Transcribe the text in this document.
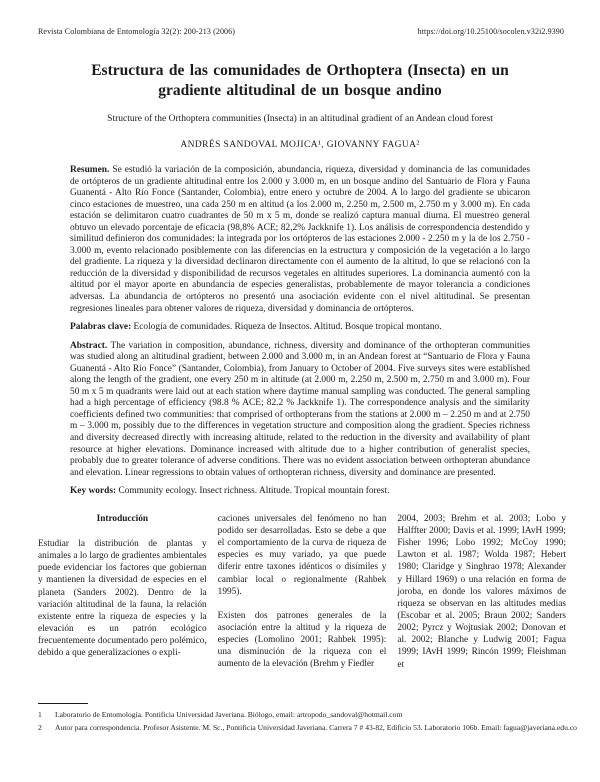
Revista Colombiana de Entomología 32(2): 200-213 (2006)	https://doi.org/10.25100/socolen.v32i2.9390
Estructura de las comunidades de Orthoptera (Insecta) en un gradiente altitudinal de un bosque andino
Structure of the Orthoptera communities (Insecta) in an altitudinal gradient of an Andean cloud forest
ANDRÉS SANDOVAL MOJICA¹, GIOVANNY FAGUA²

Resumen. Se estudió la variación de la composición, abundancia, riqueza, diversidad y dominancia de las comunidades de ortópteros de un gradiente altitudinal entre los 2.000 y 3.000 m, en un bosque andino del Santuario de Flora y Fauna Guanentá - Alto Río Fonce (Santander, Colombia), entre enero y octubre de 2004. A lo largo del gradiente se ubicaron cinco estaciones de muestreo, una cada 250 m en altitud (a los 2.000 m, 2.250 m, 2.500 m, 2.750 m y 3.000 m). En cada estación se delimitaron cuatro cuadrantes de 50 m x 5 m, donde se realizó captura manual diurna. El muestreo general obtuvo un elevado porcentaje de eficacia (98,8% ACE; 82,2% Jackknife 1). Los análisis de correspondencia destendido y similitud definieron dos comunidades: la integrada por los ortópteros de las estaciones 2.000 - 2.250 m y la de los 2.750 - 3.000 m, evento relacionado posiblemente con las diferencias en la estructura y composición de la vegetación a lo largo del gradiente. La riqueza y la diversidad declinaron directamente con el aumento de la altitud, lo que se relacionó con la reducción de la diversidad y disponibilidad de recursos vegetales en altitudes superiores. La dominancia aumentó con la altitud por el mayor aporte en abundancia de especies generalistas, probablemente de mayor tolerancia a condiciones adversas. La abundancia de ortópteros no presentó una asociación evidente con el nivel altitudinal. Se presentan regresiones lineales para obtener valores de riqueza, diversidad y dominancia de ortópteros.

Palabras clave: Ecología de comunidades. Riqueza de Insectos. Altitud. Bosque tropical montano.

Abstract. The variation in composition, abundance, richness, diversity and dominance of the orthopteran communities was studied along an altitudinal gradient, between 2.000 and 3.000 m, in an Andean forest at “Santuario de Flora y Fauna Guanentá - Alto Río Fonce” (Santander, Colombia), from January to October of 2004. Five surveys sites were established along the length of the gradient, one every 250 m in altitude (at 2.000 m, 2.250 m, 2.500 m, 2.750 m and 3.000 m). Four 50 m x 5 m quadrants were laid out at each station where daytime manual sampling was conducted. The general sampling had a high percentage of efficiency (98.8 % ACE; 82.2 % Jackknife 1). The correspondence analysis and the similarity coefficients defined two communities: that comprised of orthopterans from the stations at 2.000 m – 2.250 m and at 2.750 m – 3.000 m, possibly due to the differences in vegetation structure and composition along the gradient. Species richness and diversity decreased directly with increasing altitude, related to the reduction in the diversity and availability of plant resource at higher elevations. Dominance increased with altitude due to a higher contribution of generalist species, probably due to greater tolerance of adverse conditions. There was no evident association between orthopteran abundance and elevation. Linear regressions to obtain values of orthopteran richness, diversity and dominance are presented.

Key words: Community ecology. Insect richness. Altitude. Tropical mountain forest.

Introducción

Estudiar la distribución de plantas y animales a lo largo de gradientes ambientales puede evidenciar los factores que gobiernan y mantienen la diversidad de especies en el planeta (Sanders 2002). Dentro de la variación altitudinal de la fauna, la relación existente entre la riqueza de especies y la elevación es un patrón ecológico frecuentemente documentado pero polémico, debido a que generalizaciones o expli-

caciones universales del fenómeno no han podido ser desarrolladas. Esto se debe a que el comportamiento de la curva de riqueza de especies es muy variado, ya que puede diferir entre taxones idénticos o disímiles y cambiar local o regionalmente (Rahbek 1995).

Existen dos patrones generales de la asociación entre la altitud y la riqueza de especies (Lomolino 2001; Rahbek 1995): una disminución de la riqueza con el aumento de la elevación (Brehm y Fiedler

2004, 2003; Brehm et al. 2003; Lobo y Halffter 2000; Davis et al. 1999; IAvH 1999; Fisher 1996; Lobo 1992; McCoy 1990; Lawton et al. 1987; Wolda 1987; Hebert 1980; Claridge y Singhrao 1978; Alexander y Hillard 1969) o una relación en forma de joroba, en donde los valores máximos de riqueza se observan en las altitudes medias (Escobar et al. 2005; Braun 2002; Sanders 2002; Pyrcz y Wojtusiak 2002; Donovan et al. 2002; Blanche y Ludwig 2001; Fagua 1999; IAvH 1999; Rincón 1999; Fleishman et

1	Laboratorio de Entomología. Pontificia Universidad Javeriana. Biólogo, email: artropodo_sandoval@hotmail.com
2	Autor para correspondencia. Profesor Asistente. M. Sc., Pontificia Universidad Javeriana. Carrera 7 # 43-82, Edificio 53. Laboratorio 106b. Email: fagua@javeriana.edu.co
